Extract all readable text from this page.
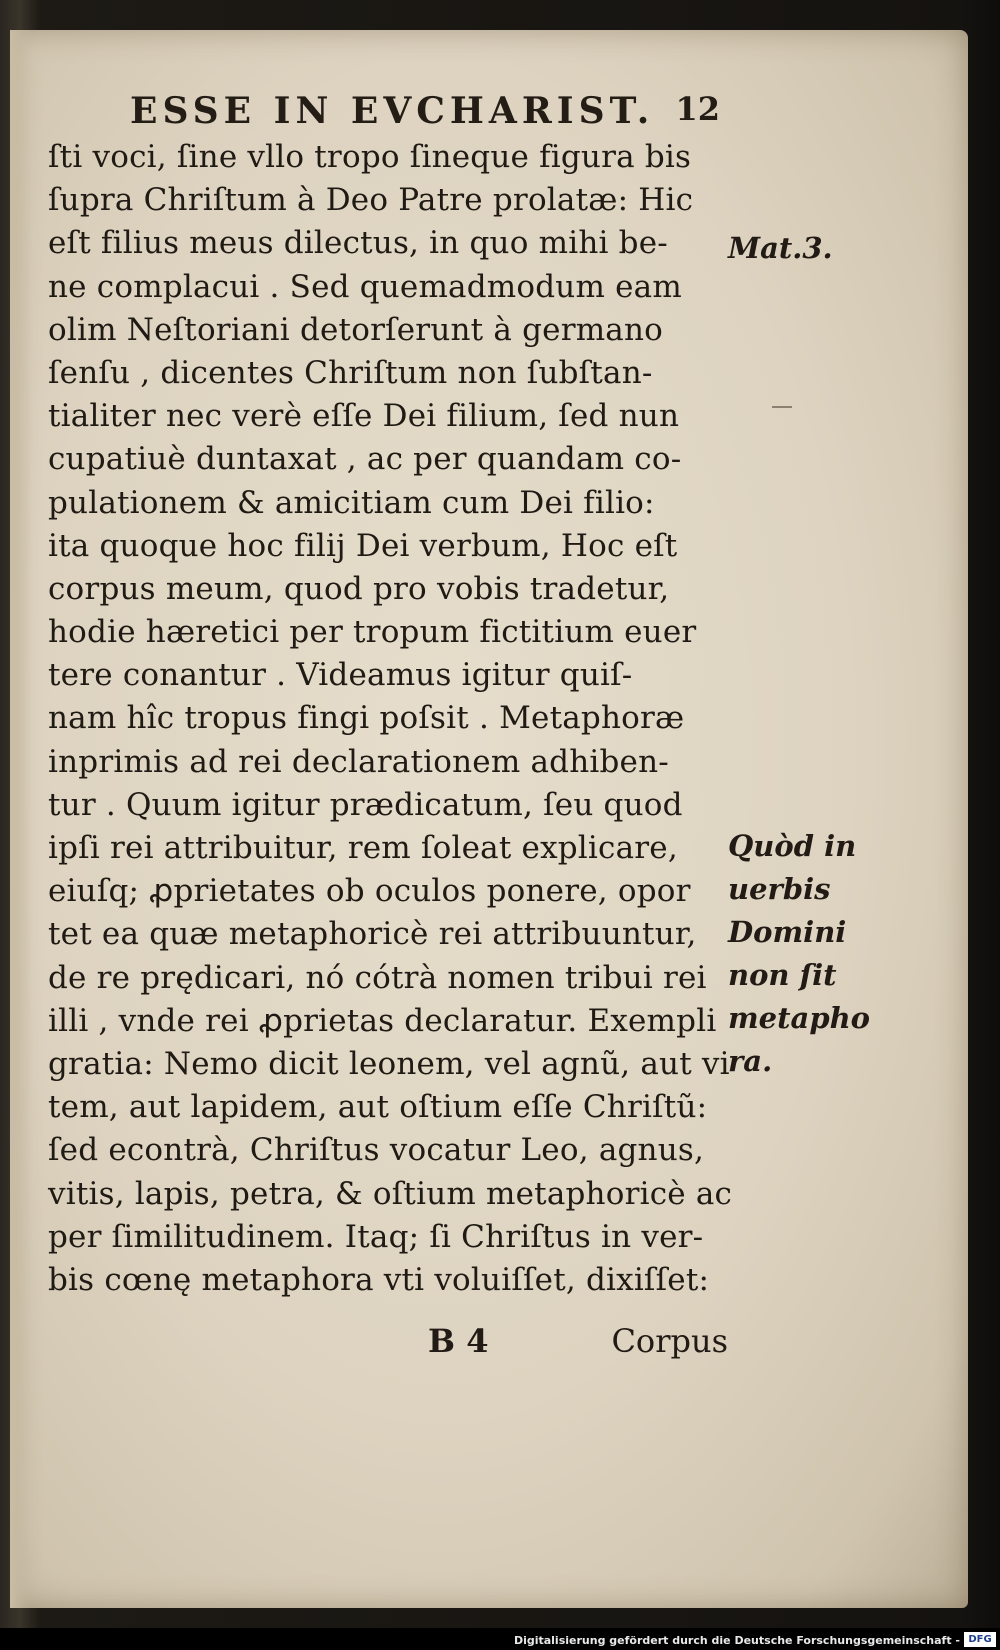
ESSE IN EVCHARIST. 12
ſti voci, ſine vllo tropo ſineque figura bis
ſupra Chriſtum à Deo Patre prolatæ: Hic
eſt filius meus dilectus, in quo mihi be-
ne complacui . Sed quemadmodum eam
olim Neſtoriani detorſerunt à germano
ſenſu , dicentes Chriſtum non ſubſtan-
tialiter nec verè eſſe Dei filium, ſed nun
cupatiuè duntaxat , ac per quandam co-
pulationem & amicitiam cum Dei filio:
ita quoque hoc filij Dei verbum, Hoc eſt
corpus meum, quod pro vobis tradetur,
hodie hæretici per tropum fictitium euer
tere conantur . Videamus igitur quiſ-
nam hîc tropus fingi poſsit . Metaphoræ
inprimis ad rei declarationem adhiben-
tur . Quum igitur prædicatum, ſeu quod
ipſi rei attribuitur, rem ſoleat explicare,
eiuſq; ꝓprietates ob oculos ponere, opor
tet ea quæ metaphoricè rei attribuuntur,
de re prędicari, nó cótrà nomen tribui rei
illi , vnde rei ꝓprietas declaratur. Exempli
gratia: Nemo dicit leonem, vel agnũ, aut vi
tem, aut lapidem, aut oſtium eſſe Chriſtũ:
ſed econtrà, Chriſtus vocatur Leo, agnus,
vitis, lapis, petra, & oſtium metaphoricè ac
per ſimilitudinem. Itaq; ſi Chriſtus in ver-
bis cœnę metaphora vti voluiſſet, dixiſſet:
Mat.3.
Quòd in
uerbis
Domini
non ſit
metapho
ra.
B 4	Corpus
Digitalisierung gefördert durch die Deutsche Forschungsgemeinschaft - DFG
